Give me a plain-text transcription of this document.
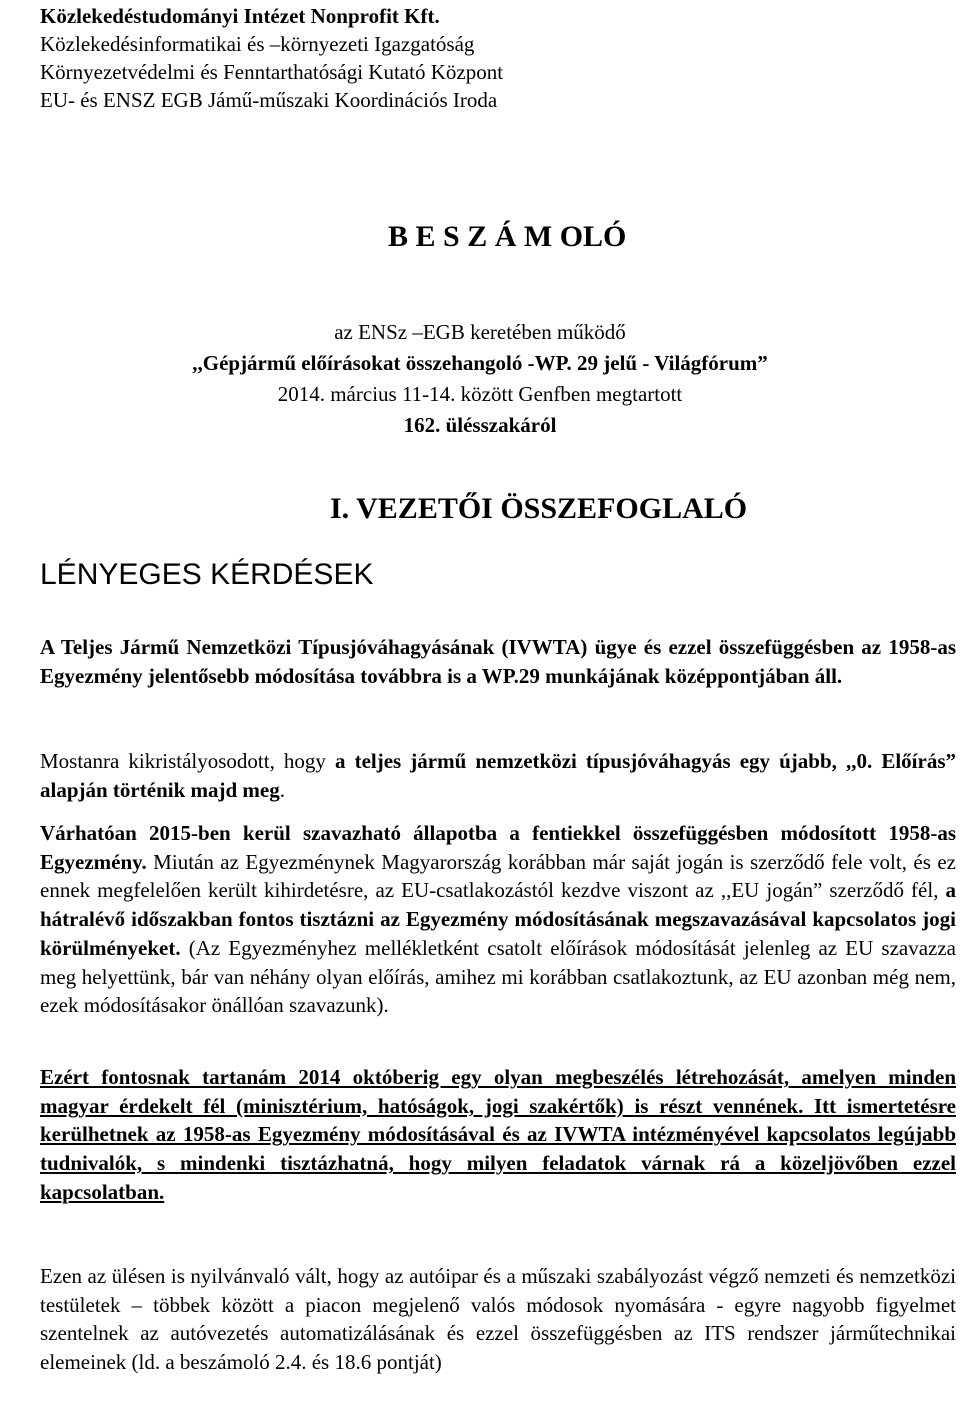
Közlekedéstudományi Intézet Nonprofit Kft.
Közlekedésinformatikai és –környezeti Igazgatóság
Környezetvédelmi és Fenntarthatósági Kutató Központ
EU- és ENSZ EGB Jámű-műszaki Koordinációs Iroda
B E S Z Á M OLÓ
az ENSz –EGB keretében működő
,,Gépjármű előírásokat összehangoló -WP. 29 jelű - Világfórum”
2014. március 11-14. között Genfben megtartott
162. ülésszakáról
I. VEZETŐI ÖSSZEFOGLALÓ
LÉNYEGES KÉRDÉSEK

A Teljes Jármű Nemzetközi Típusjóváhagyásának (IVWTA) ügye és ezzel összefüggésben az 1958-as Egyezmény jelentősebb módosítása továbbra is a WP.29 munkájának középpontjában áll.

Mostanra kikristályosodott, hogy a teljes jármű nemzetközi típusjóváhagyás egy újabb, ,,0. Előírás” alapján történik majd meg.

Várhatóan 2015-ben kerül szavazható állapotba a fentiekkel összefüggésben módosított 1958-as Egyezmény. Miután az Egyezménynek Magyarország korábban már saját jogán is szerződő fele volt, és ez ennek megfelelően került kihirdetésre, az EU-csatlakozástól kezdve viszont az ,,EU jogán” szerződő fél, a hátralévő időszakban fontos tisztázni az Egyezmény módosításának megszavazásával kapcsolatos jogi körülményeket. (Az Egyezményhez mellékletként csatolt előírások módosítását jelenleg az EU szavazza meg helyettünk, bár van néhány olyan előírás, amihez mi korábban csatlakoztunk, az EU azonban még nem, ezek módosításakor önállóan szavazunk).

Ezért fontosnak tartanám 2014 októberig egy olyan megbeszélés létrehozását, amelyen minden magyar érdekelt fél (minisztérium, hatóságok, jogi szakértők) is részt vennének. Itt ismertetésre kerülhetnek az 1958-as Egyezmény módosításával és az IVWTA intézményével kapcsolatos legújabb tudnivalók, s mindenki tisztázhatná, hogy milyen feladatok várnak rá a közeljövőben ezzel kapcsolatban.

Ezen az ülésen is nyilvánvaló vált, hogy az autóipar és a műszaki szabályozást végző nemzeti és nemzetközi testületek – többek között a piacon megjelenő valós módosok nyomására - egyre nagyobb figyelmet szentelnek az autóvezetés automatizálásának és ezzel összefüggésben az ITS rendszer járműtechnikai elemeinek (ld. a beszámoló 2.4. és 18.6 pontját)
